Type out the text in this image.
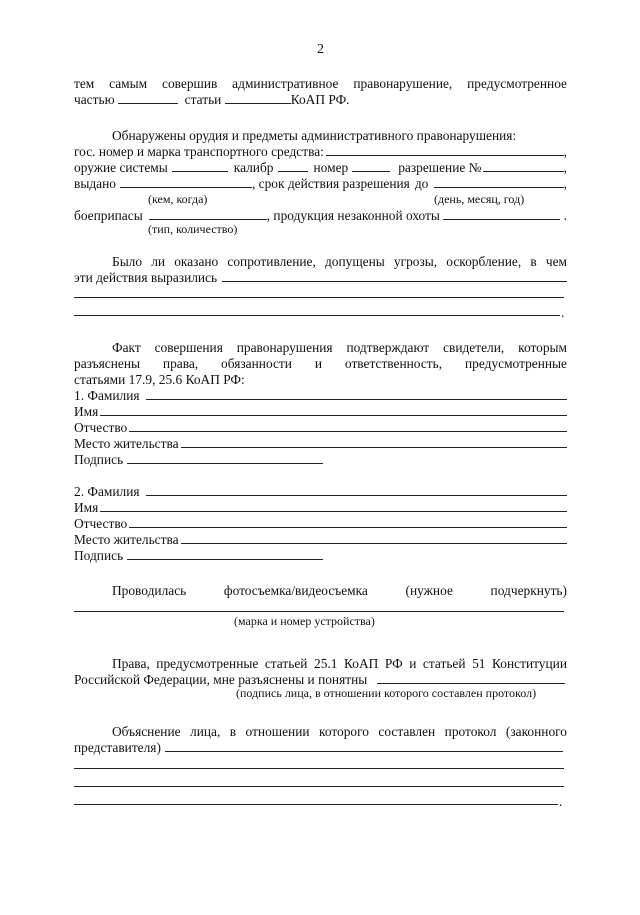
2
тем самым совершив административное правонарушение, предусмотренное
частью	статьи	КоАП РФ.
Обнаружены орудия и предметы административного правонарушения:
гос. номер и марка транспортного средства:	,
оружие системы	калибр	номер	разрешение №	,
выдано	, срок действия разрешения до	,
(кем, когда)	(день, месяц, год)
боеприпасы	, продукция незаконной охоты	.
(тип, количество)
Было ли оказано сопротивление, допущены угрозы, оскорбление, в чем
эти действия выразились
.
Факт совершения правонарушения подтверждают свидетели, которым
разъяснены права, обязанности и ответственность, предусмотренные
статьями 17.9, 25.6 КоАП РФ:
1. Фамилия
Имя
Отчество
Место жительства
Подпись
2. Фамилия
Имя
Отчество
Место жительства
Подпись
Проводилась фотосъемка/видеосъемка (нужное подчеркнуть)
(марка и номер устройства)
Права, предусмотренные статьей 25.1 КоАП РФ и статьей 51 Конституции
Российской Федерации, мне разъяснены и понятны
(подпись лица, в отношении которого составлен протокол)
Объяснение лица, в отношении которого составлен протокол (законного
представителя)
.
